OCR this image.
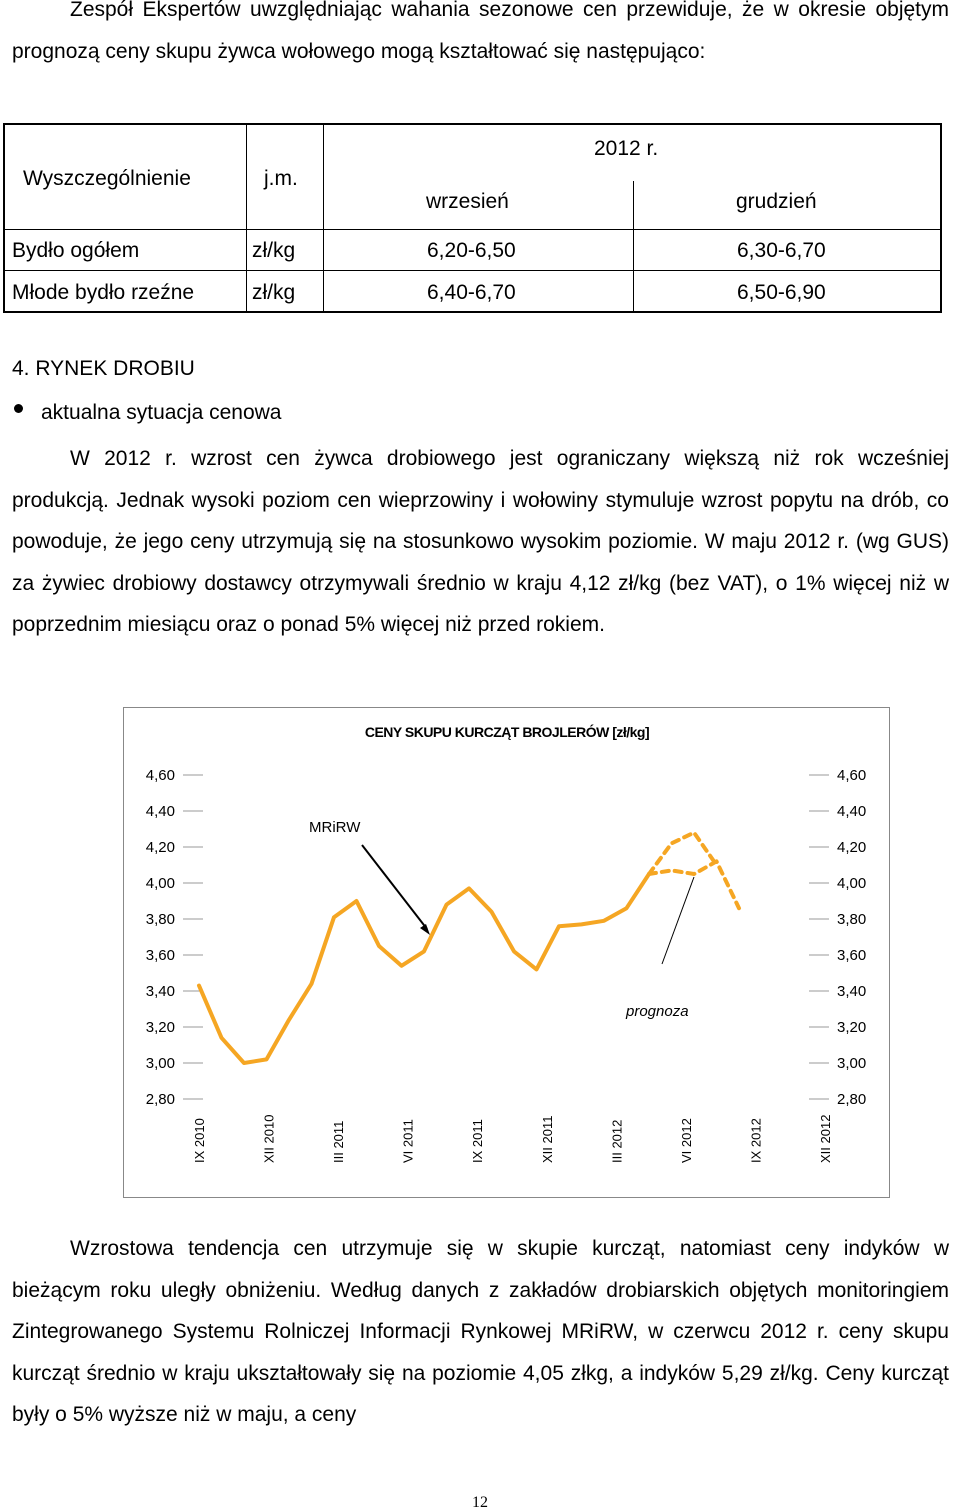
Zespół Ekspertów uwzględniając wahania sezonowe cen przewiduje, że w okresie objętym prognozą ceny skupu żywca wołowego mogą kształtować się następująco:
Wyszczególnienie	j.m.
2012 r.
wrzesień	grudzień
Bydło ogółem	zł/kg	6,20-6,50	6,30-6,70
Młode bydło rzeźne	zł/kg	6,40-6,70	6,50-6,90
4. RYNEK DROBIU
aktualna sytuacja cenowa
W 2012 r. wzrost cen żywca drobiowego jest ograniczany większą niż rok wcześniej produkcją. Jednak wysoki poziom cen wieprzowiny i wołowiny stymuluje wzrost popytu na drób, co powoduje, że jego ceny utrzymują się na stosunkowo wysokim poziomie. W maju 2012 r. (wg GUS) za żywiec drobiowy dostawcy otrzymywali średnio w kraju 4,12 zł/kg (bez VAT), o 1% więcej niż w poprzednim miesiącu oraz o ponad 5% więcej niż przed rokiem.
CENY SKUPU KURCZĄT BROJLERÓW [zł/kg]
4,60	4,60
4,40	4,40
4,20	4,20
4,00	4,00
3,80	3,80
3,60	3,60
3,40	3,40
3,20	3,20
3,00	3,00
2,80	2,80
IX 2010	XII 2010	III 2011	VI 2011	IX 2011	XII 2011	III 2012	VI 2012	IX 2012	XII 2012
MRiRW
prognoza
Wzrostowa tendencja cen utrzymuje się w skupie kurcząt, natomiast ceny indyków w bieżącym roku uległy obniżeniu. Według danych z zakładów drobiarskich objętych monitoringiem Zintegrowanego Systemu Rolniczej Informacji Rynkowej MRiRW, w czerwcu 2012 r. ceny skupu kurcząt średnio w kraju ukształtowały się na poziomie 4,05 złkg, a indyków 5,29 zł/kg. Ceny kurcząt były o 5% wyższe niż w maju, a ceny
12
